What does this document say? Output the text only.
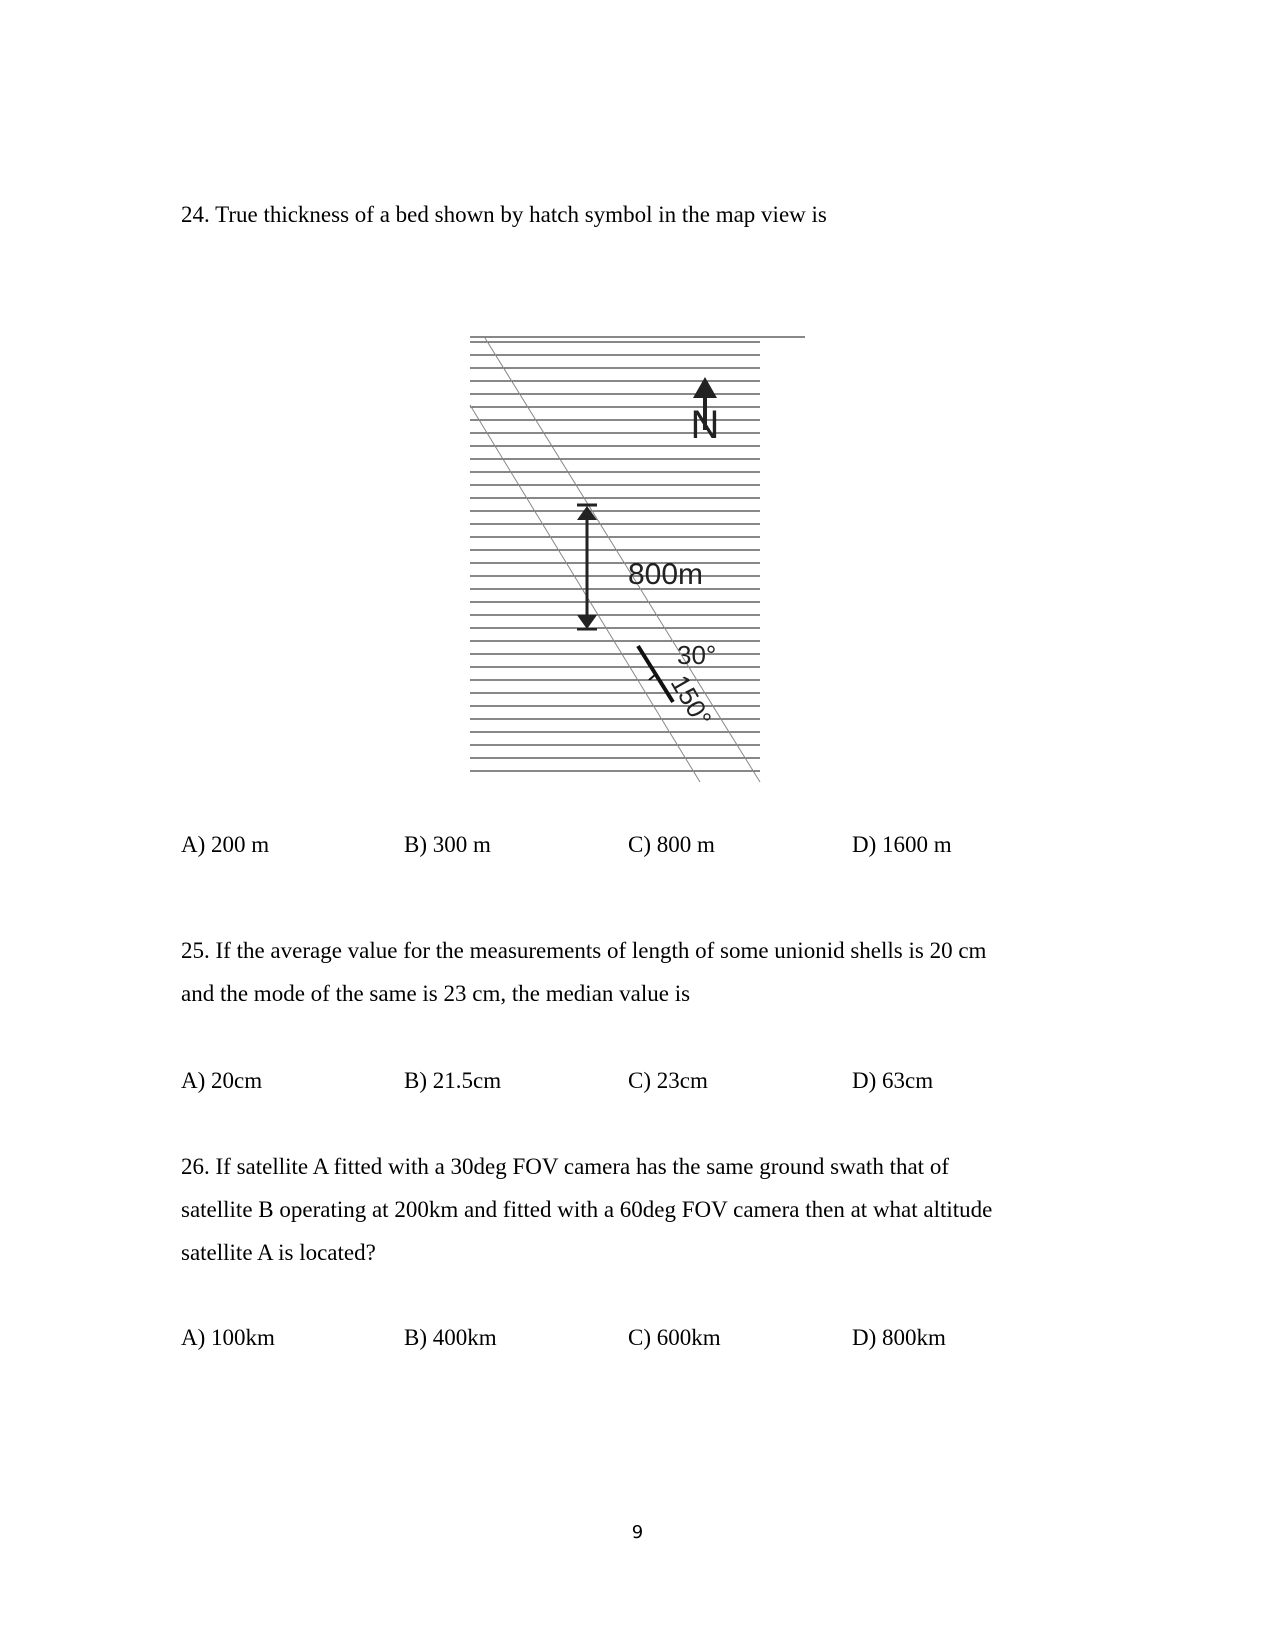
24. True thickness of a bed shown by hatch symbol in the map view is
N
800m
30°
150°
A) 200 m	B) 300 m	C) 800 m	D) 1600 m
25. If the average value for the measurements of length of some unionid shells is 20 cm
and the mode of the same is 23 cm, the median value is
A) 20cm	B) 21.5cm	C) 23cm	D) 63cm
26. If satellite A fitted with a 30deg FOV camera has the same ground swath that of
satellite B operating at 200km and fitted with a 60deg FOV camera then at what altitude
satellite A is located?
A) 100km	B) 400km	C) 600km	D) 800km
9
